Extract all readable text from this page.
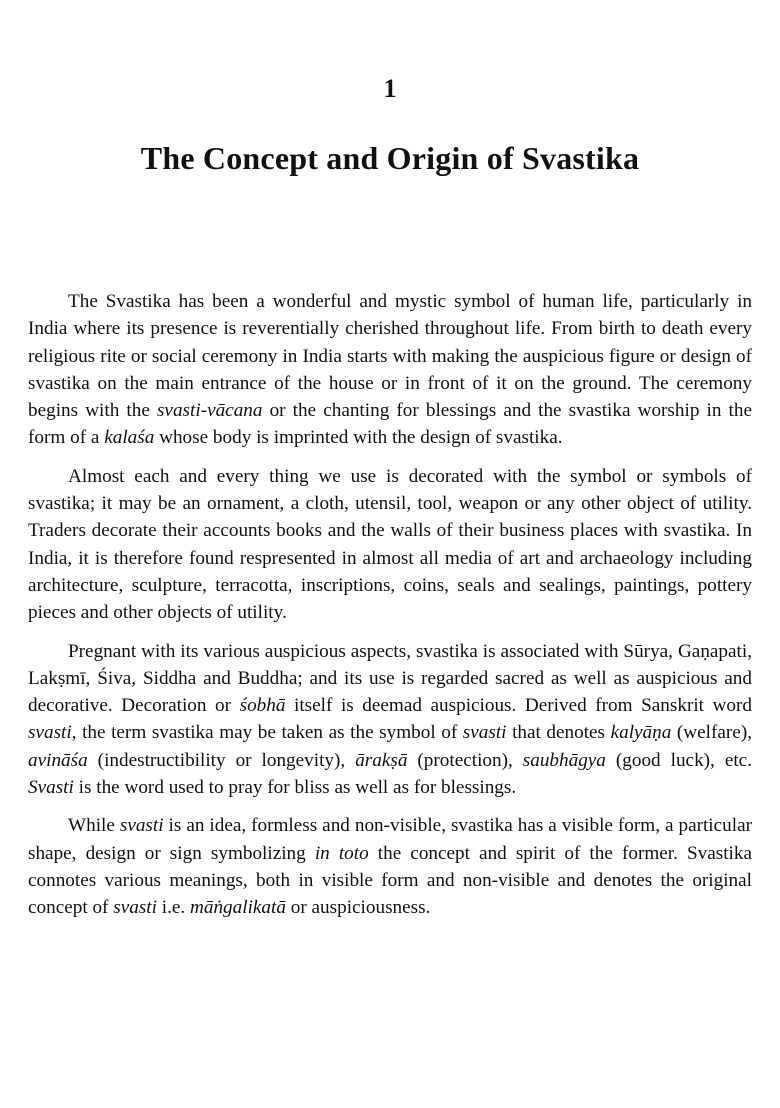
1
The Concept and Origin of Svastika

The Svastika has been a wonderful and mystic symbol of human life, particularly in India where its presence is reverentially cherished throughout life. From birth to death every religious rite or social ceremony in India starts with making the auspicious figure or design of svastika on the main entrance of the house or in front of it on the ground. The ceremony begins with the svasti-vācana or the chanting for blessings and the svastika worship in the form of a kalaśa whose body is imprinted with the design of svastika.

Almost each and every thing we use is decorated with the symbol or symbols of svastika; it may be an ornament, a cloth, utensil, tool, weapon or any other object of utility. Traders decorate their accounts books and the walls of their business places with svastika. In India, it is therefore found respresented in almost all media of art and archaeology including architecture, sculpture, terracotta, inscriptions, coins, seals and sealings, paintings, pottery pieces and other objects of utility.

Pregnant with its various auspicious aspects, svastika is associated with Sūrya, Gaṇapati, Lakṣmī, Śiva, Siddha and Buddha; and its use is regarded sacred as well as auspicious and decorative. Decoration or śobhā itself is deemad auspicious. Derived from Sanskrit word svasti, the term svastika may be taken as the symbol of svasti that denotes kalyāṇa (welfare), avināśa (indestructibility or longevity), ārakṣā (protection), saubhāgya (good luck), etc. Svasti is the word used to pray for bliss as well as for blessings.

While svasti is an idea, formless and non-visible, svastika has a visible form, a particular shape, design or sign symbolizing in toto the concept and spirit of the former. Svastika connotes various meanings, both in visible form and non-visible and denotes the original concept of svasti i.e. māṅgalikatā or auspiciousness.
